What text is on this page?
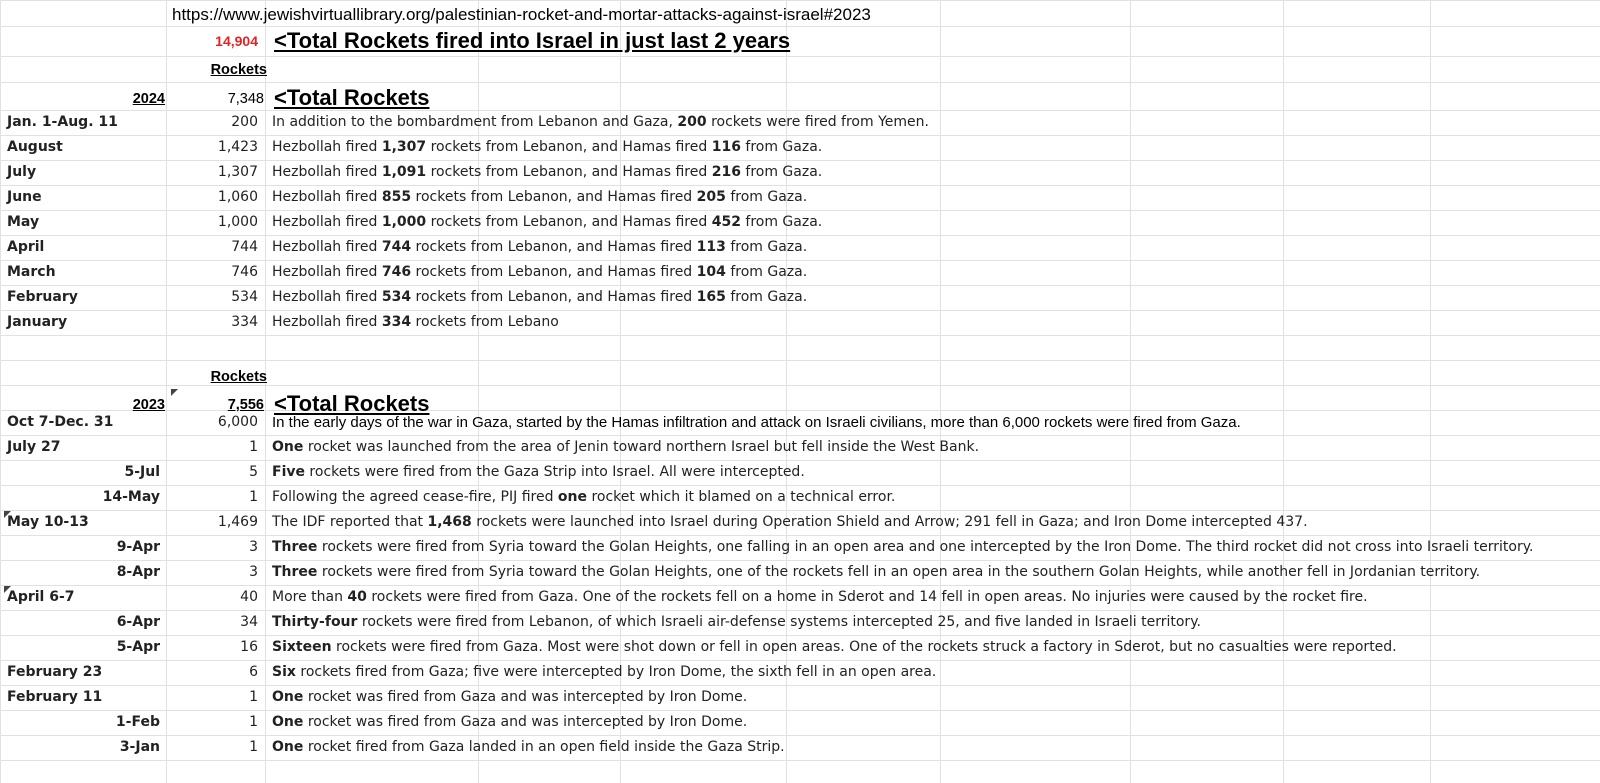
https://www.jewishvirtuallibrary.org/palestinian-rocket-and-mortar-attacks-against-israel#2023
14,904 <Total Rockets fired into Israel in just last 2 years
Rockets
2024	7,348 <Total Rockets
Jan. 1-Aug. 11	200 In addition to the bombardment from Lebanon and Gaza, 200 rockets were fired from Yemen.
August	1,423 Hezbollah fired 1,307 rockets from Lebanon, and Hamas fired 116 from Gaza.
July	1,307 Hezbollah fired 1,091 rockets from Lebanon, and Hamas fired 216 from Gaza.
June	1,060 Hezbollah fired 855 rockets from Lebanon, and Hamas fired 205 from Gaza.
May	1,000 Hezbollah fired 1,000 rockets from Lebanon, and Hamas fired 452 from Gaza.
April	744 Hezbollah fired 744 rockets from Lebanon, and Hamas fired 113 from Gaza.
March	746 Hezbollah fired 746 rockets from Lebanon, and Hamas fired 104 from Gaza.
February	534 Hezbollah fired 534 rockets from Lebanon, and Hamas fired 165 from Gaza.
January	334 Hezbollah fired 334 rockets from Lebano
Rockets
2023	7,556 <Total Rockets
Oct 7-Dec. 31	6,000 In the early days of the war in Gaza, started by the Hamas infiltration and attack on Israeli civilians, more than 6,000 rockets were fired from Gaza.
July 27	1 One rocket was launched from the area of Jenin toward northern Israel but fell inside the West Bank.
5-Jul	5 Five rockets were fired from the Gaza Strip into Israel. All were intercepted.
14-May	1 Following the agreed cease-fire, PIJ fired one rocket which it blamed on a technical error.
May 10-13	1,469 The IDF reported that 1,468 rockets were launched into Israel during Operation Shield and Arrow; 291 fell in Gaza; and Iron Dome intercepted 437.
9-Apr	3 Three rockets were fired from Syria toward the Golan Heights, one falling in an open area and one intercepted by the Iron Dome. The third rocket did not cross into Israeli territory.
8-Apr	3 Three rockets were fired from Syria toward the Golan Heights, one of the rockets fell in an open area in the southern Golan Heights, while another fell in Jordanian territory.
April 6-7	40 More than 40 rockets were fired from Gaza. One of the rockets fell on a home in Sderot and 14 fell in open areas. No injuries were caused by the rocket fire.
6-Apr	34 Thirty-four rockets were fired from Lebanon, of which Israeli air-defense systems intercepted 25, and five landed in Israeli territory.
5-Apr	16 Sixteen rockets were fired from Gaza. Most were shot down or fell in open areas. One of the rockets struck a factory in Sderot, but no casualties were reported.
February 23	6 Six rockets fired from Gaza; five were intercepted by Iron Dome, the sixth fell in an open area.
February 11	1 One rocket was fired from Gaza and was intercepted by Iron Dome.
1-Feb	1 One rocket was fired from Gaza and was intercepted by Iron Dome.
3-Jan	1 One rocket fired from Gaza landed in an open field inside the Gaza Strip.
